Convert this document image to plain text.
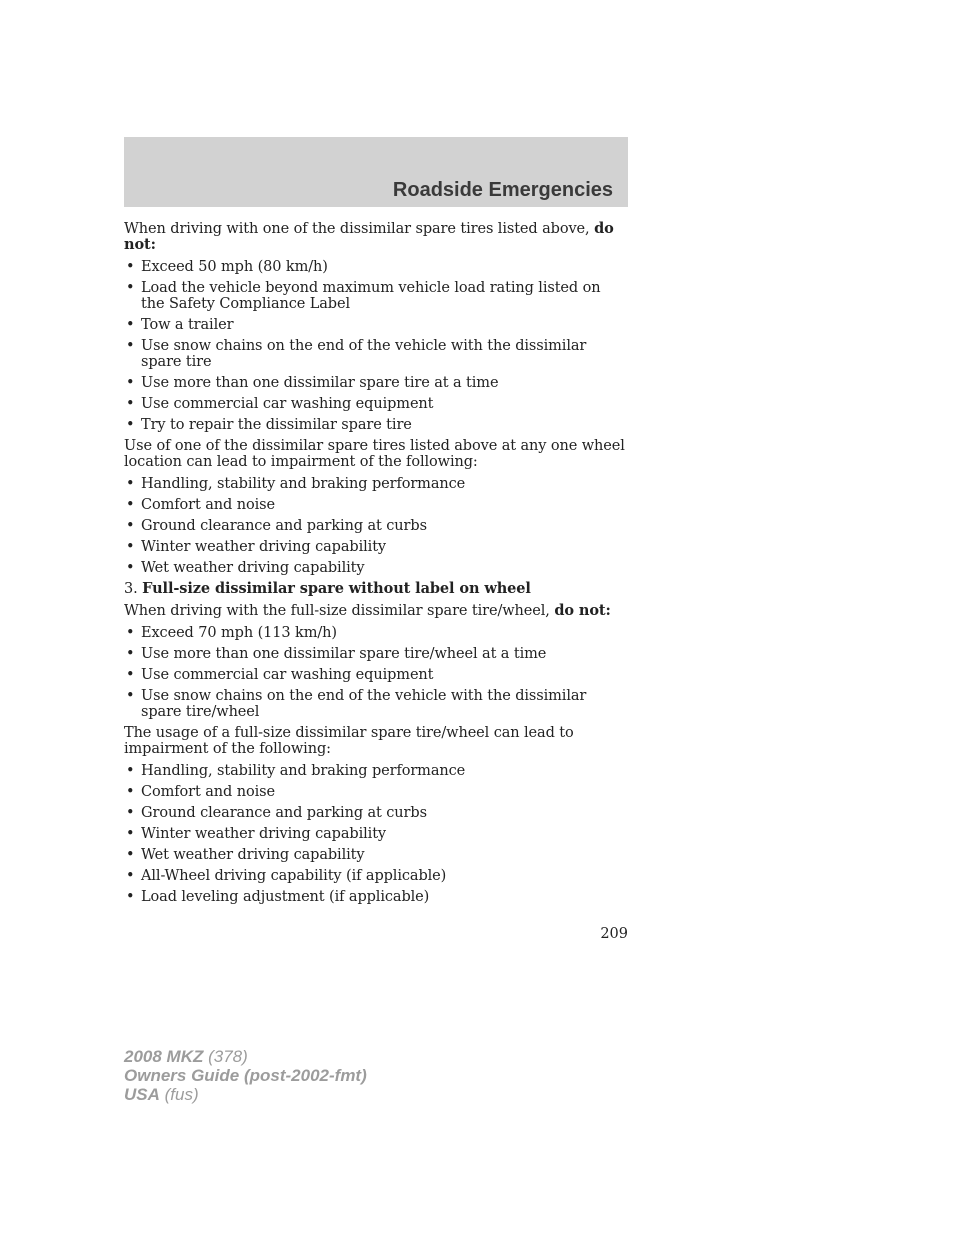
Roadside Emergencies

When driving with one of the dissimilar spare tires listed above, do not:

• Exceed 50 mph (80 km/h)
• Load the vehicle beyond maximum vehicle load rating listed on the Safety Compliance Label
• Tow a trailer
• Use snow chains on the end of the vehicle with the dissimilar spare tire
• Use more than one dissimilar spare tire at a time
• Use commercial car washing equipment
• Try to repair the dissimilar spare tire

Use of one of the dissimilar spare tires listed above at any one wheel location can lead to impairment of the following:

• Handling, stability and braking performance
• Comfort and noise
• Ground clearance and parking at curbs
• Winter weather driving capability
• Wet weather driving capability

3. Full-size dissimilar spare without label on wheel

When driving with the full-size dissimilar spare tire/wheel, do not:

• Exceed 70 mph (113 km/h)
• Use more than one dissimilar spare tire/wheel at a time
• Use commercial car washing equipment
• Use snow chains on the end of the vehicle with the dissimilar spare tire/wheel

The usage of a full-size dissimilar spare tire/wheel can lead to impairment of the following:

• Handling, stability and braking performance
• Comfort and noise
• Ground clearance and parking at curbs
• Winter weather driving capability
• Wet weather driving capability
• All-Wheel driving capability (if applicable)
• Load leveling adjustment (if applicable)
209
2008 MKZ (378)
Owners Guide (post-2002-fmt)
USA (fus)
